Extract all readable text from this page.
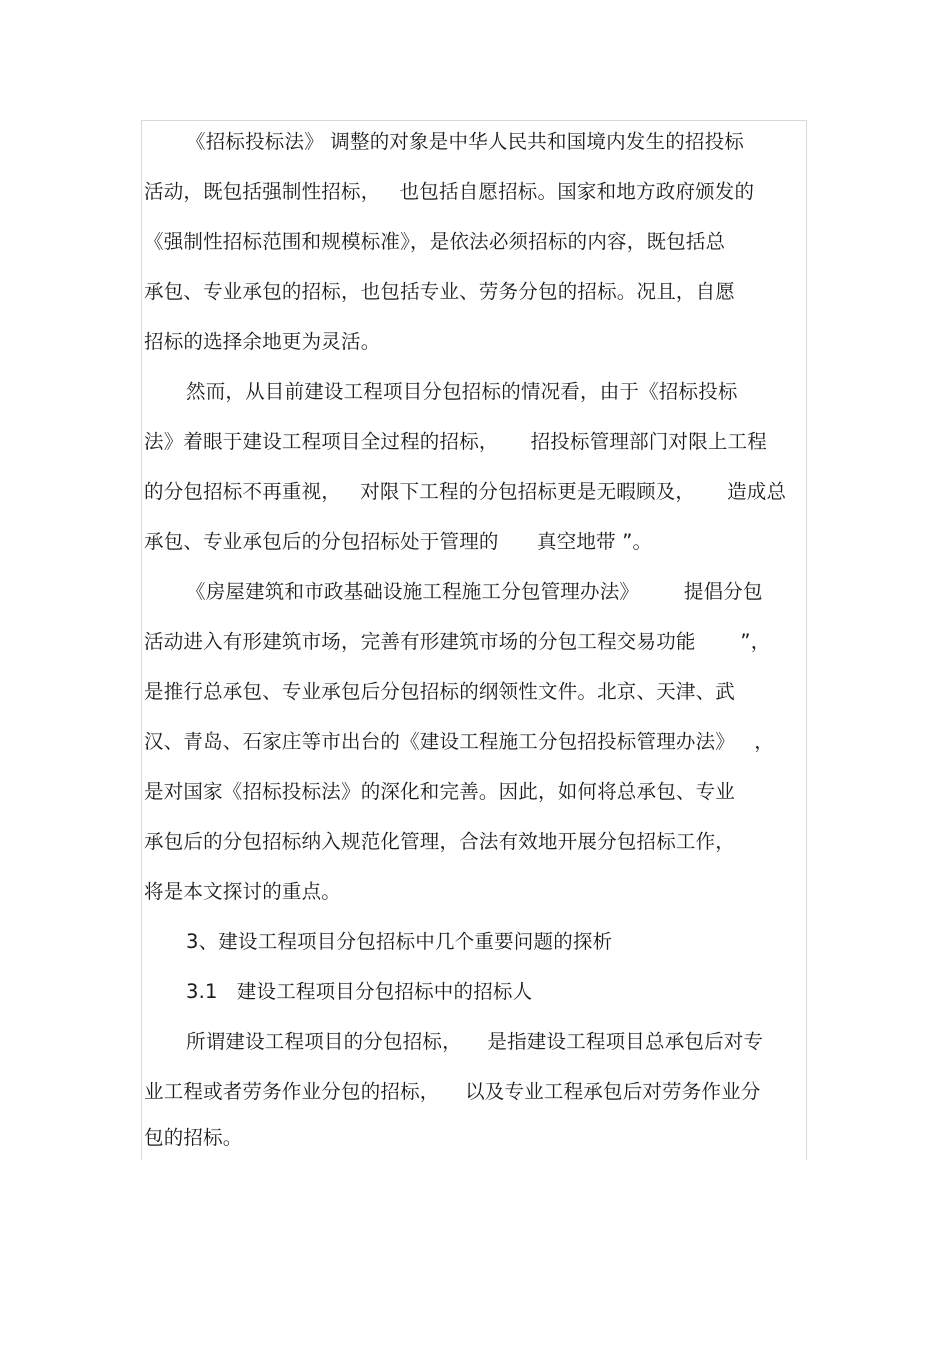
《招标投标法》 调整的对象是中华人民共和国境内发生的招投标
活动，既包括强制性招标，   也包括自愿招标。国家和地方政府颁发的
《强制性招标范围和规模标准》，是依法必须招标的内容，既包括总
承包、专业承包的招标，也包括专业、劳务分包的招标。况且，自愿
招标的选择余地更为灵活。
然而，从目前建设工程项目分包招标的情况看，由于《招标投标
法》着眼于建设工程项目全过程的招标，     招投标管理部门对限上工程
的分包招标不再重视，   对限下工程的分包招标更是无暇顾及，     造成总
承包、专业承包后的分包招标处于管理的      真空地带 ”。
《房屋建筑和市政基础设施工程施工分包管理办法》       提倡分包
活动进入有形建筑市场，完善有形建筑市场的分包工程交易功能       ”，
是推行总承包、专业承包后分包招标的纲领性文件。北京、天津、武
汉、青岛、石家庄等市出台的《建设工程施工分包招投标管理办法》   ，
是对国家《招标投标法》的深化和完善。因此，如何将总承包、专业
承包后的分包招标纳入规范化管理，合法有效地开展分包招标工作，
将是本文探讨的重点。
3、建设工程项目分包招标中几个重要问题的探析
3.1   建设工程项目分包招标中的招标人
所谓建设工程项目的分包招标，    是指建设工程项目总承包后对专
业工程或者劳务作业分包的招标，    以及专业工程承包后对劳务作业分
包的招标。
